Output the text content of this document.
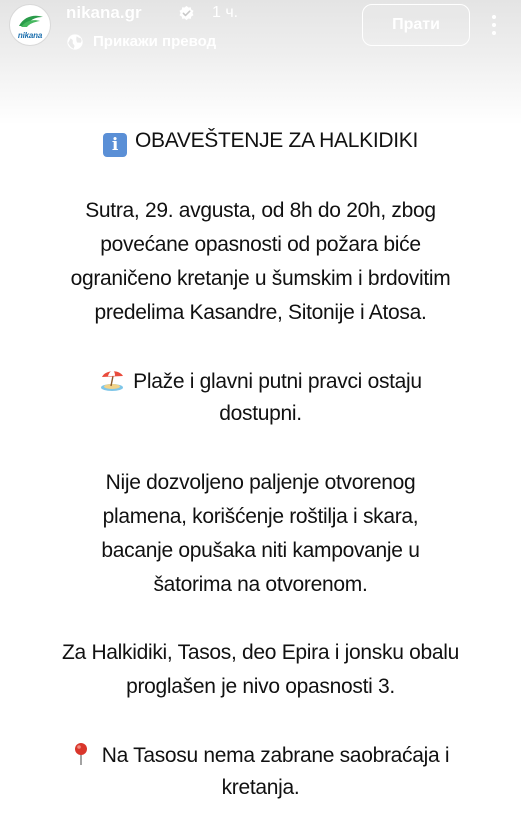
nikana
nikana.gr	1 ч.
Прикажи превод
Прати
i OBAVEŠTENJE ZA HALKIDIKI
Sutra, 29. avgusta, od 8h do 20h, zbog
povećane opasnosti od požara biće
ograničeno kretanje u šumskim i brdovitim
predelima Kasandre, Sitonije i Atosa.
Plaže i glavni putni pravci ostaju
dostupni.
Nije dozvoljeno paljenje otvorenog
plamena, korišćenje roštilja i skara,
bacanje opušaka niti kampovanje u
šatorima na otvorenom.
Za Halkidiki, Tasos, deo Epira i jonsku obalu
proglašen je nivo opasnosti 3.
Na Tasosu nema zabrane saobraćaja i
kretanja.
